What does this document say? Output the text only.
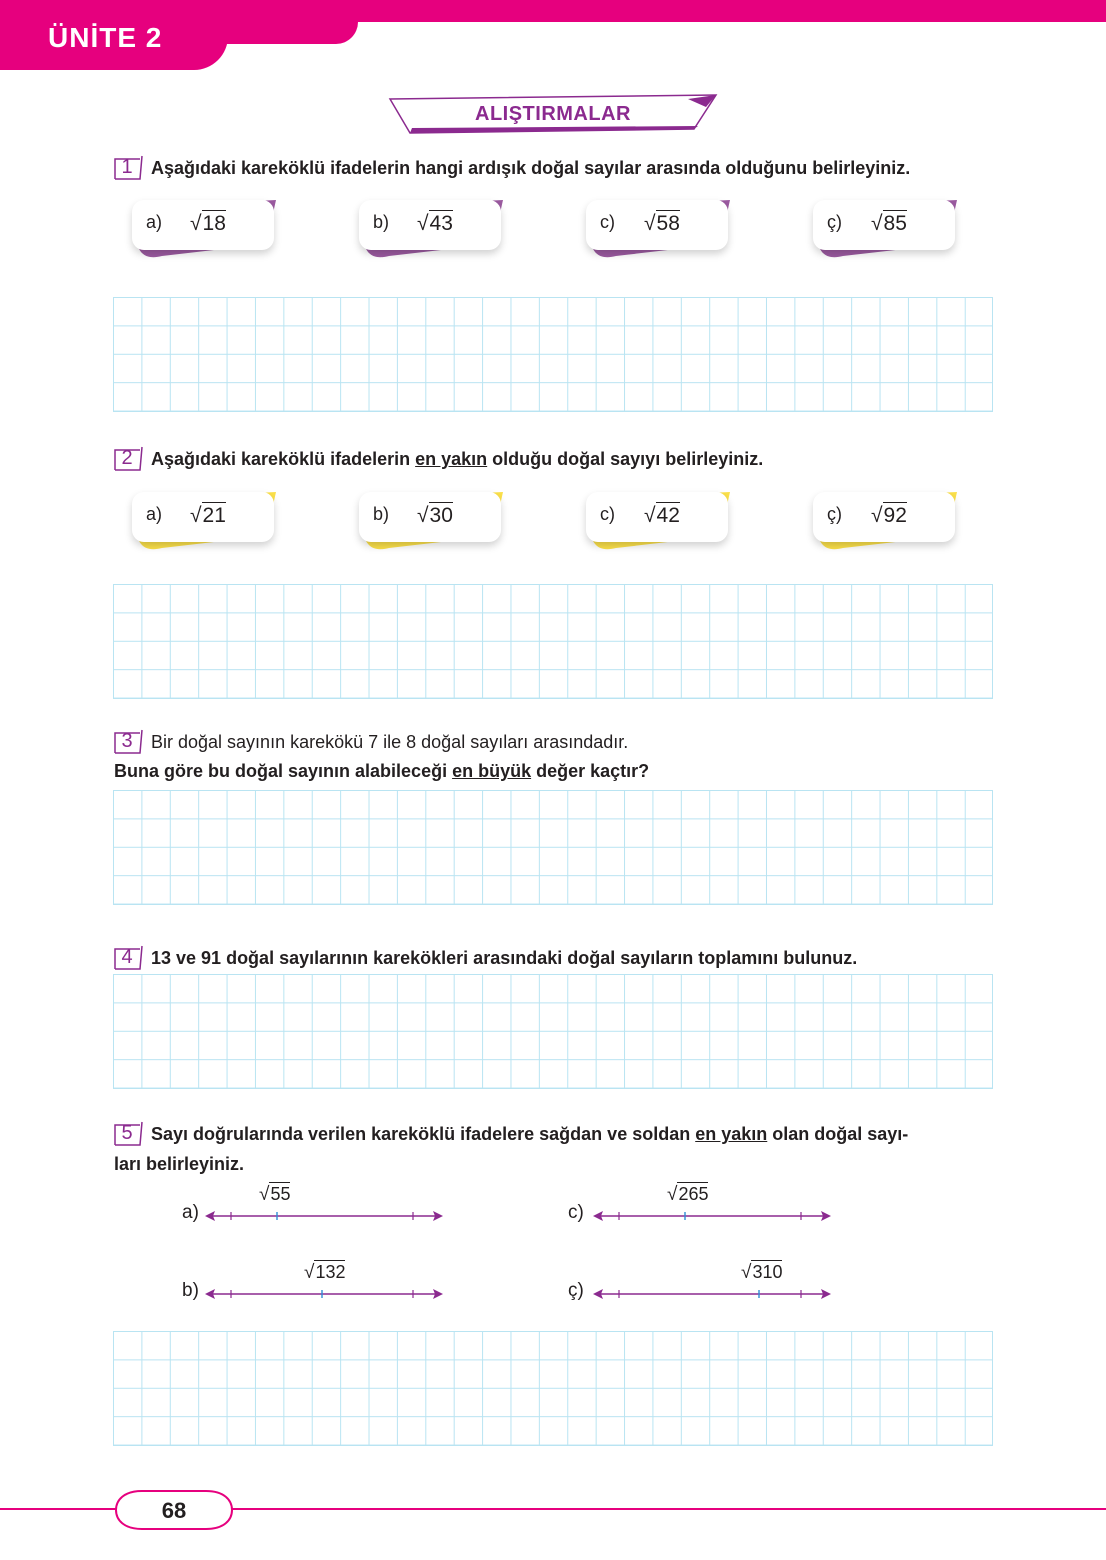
ÜNİTE 2
ALIŞTIRMALAR
1	Aşağıdaki kareköklü ifadelerin hangi ardışık doğal sayılar arasında olduğunu belirleyiniz.
a) √18	b) √43	c) √58	ç) √85
2	Aşağıdaki kareköklü ifadelerin en yakın olduğu doğal sayıyı belirleyiniz.
a) √21	b) √30	c) √42	ç) √92
3	Bir doğal sayının karekökü 7 ile 8 doğal sayıları arasındadır.
Buna göre bu doğal sayının alabileceği en büyük değer kaçtır?
4	13 ve 91 doğal sayılarının karekökleri arasındaki doğal sayıların toplamını bulunuz.
5	Sayı doğrularında verilen kareköklü ifadelere sağdan ve soldan en yakın olan doğal sayı-
ları belirleyiniz.
a)
√55
b)
√132
c)
√265
ç)
√310
68
